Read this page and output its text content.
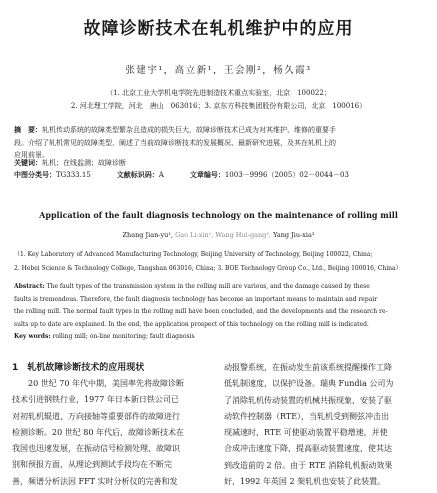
故障诊断技术在轧机维护中的应用
张建宇¹，高立新¹，王会刚²，杨久霞³
（1. 北京工业大学机电学院先进制造技术重点实验室，北京　100022；
2. 河北理工学院，河北　唐山　063016；3. 京东方科技集团股份有限公司，北京　100016）
摘　要：轧机传动系统的故障类型繁杂且造成的损失巨大，故障诊断技术已成为对其维护、维修的重要手
段。介绍了轧机常见的故障类型，阐述了当前故障诊断技术的发展概况、最新研究进展，及其在轧机上的
应用前景。
关键词：轧机；在线监测；故障诊断
中图分类号：TG333.15	文献标识码：A	文章编号：1003－9996（2005）02－0044－03
Application of the fault diagnosis technology on the maintenance of rolling mill
Zhang Jian-yu¹, Gao Li-xin¹, Wang Hui-gang², Yang Jiu-xia³
（1. Key Laboratory of Advanced Manufacturing Technology, Beijing University of Technology, Beijing 100022, China;
2. Hebei Science & Technology College, Tangshan 063016, China; 3. BOE Technology Group Co., Ltd., Beijing 100016, China）
Abstract: The fault types of the transmission system in the rolling mill are various, and the damage caused by these
faults is tremendous. Therefore, the fault diagnosis technology has become an important means to maintain and repair
the rolling mill. The normal fault types in the rolling mill have been concluded, and the developments and the research re-
sults up to date are explained. In the end, the application prospect of this technology on the rolling mill is indicated.
Key words: rolling mill; on-line monitoring; fault diagnosis
1　轧机故障诊断技术的应用现状
　　20 世纪 70 年代中期，美国率先将故障诊断
技术引进钢铁行业，1977 年日本新日铁公司已
对初轧机辊道、万向接轴等重要部件的故障进行
检测诊断。20 世纪 80 年代后，故障诊断技术在
我国也迅速发展，在振动信号检测处理、故障识
别和预报方面，从理论到测试手段均在不断完
善，频谱分析法因 FFT 实时分析仪的完善和发
动报警系统，在振动发生前该系统提醒操作工降
低轧制速度，以保护设备。瑞典 Fundia 公司为
了消除轧机传动装置的机械共振现象，安装了驱
动软件控制器（RTE），当轧机受到侧弦冲击出
现减速时，RTE 可使驱动装置平稳增速，并使
合成冲击速度下降，提高驱动装置速度，使其达
到改造前的 2 倍。由于 RTE 消除轧机振动效果
好，1992 年英国 2 架轧机也安装了此装置。
